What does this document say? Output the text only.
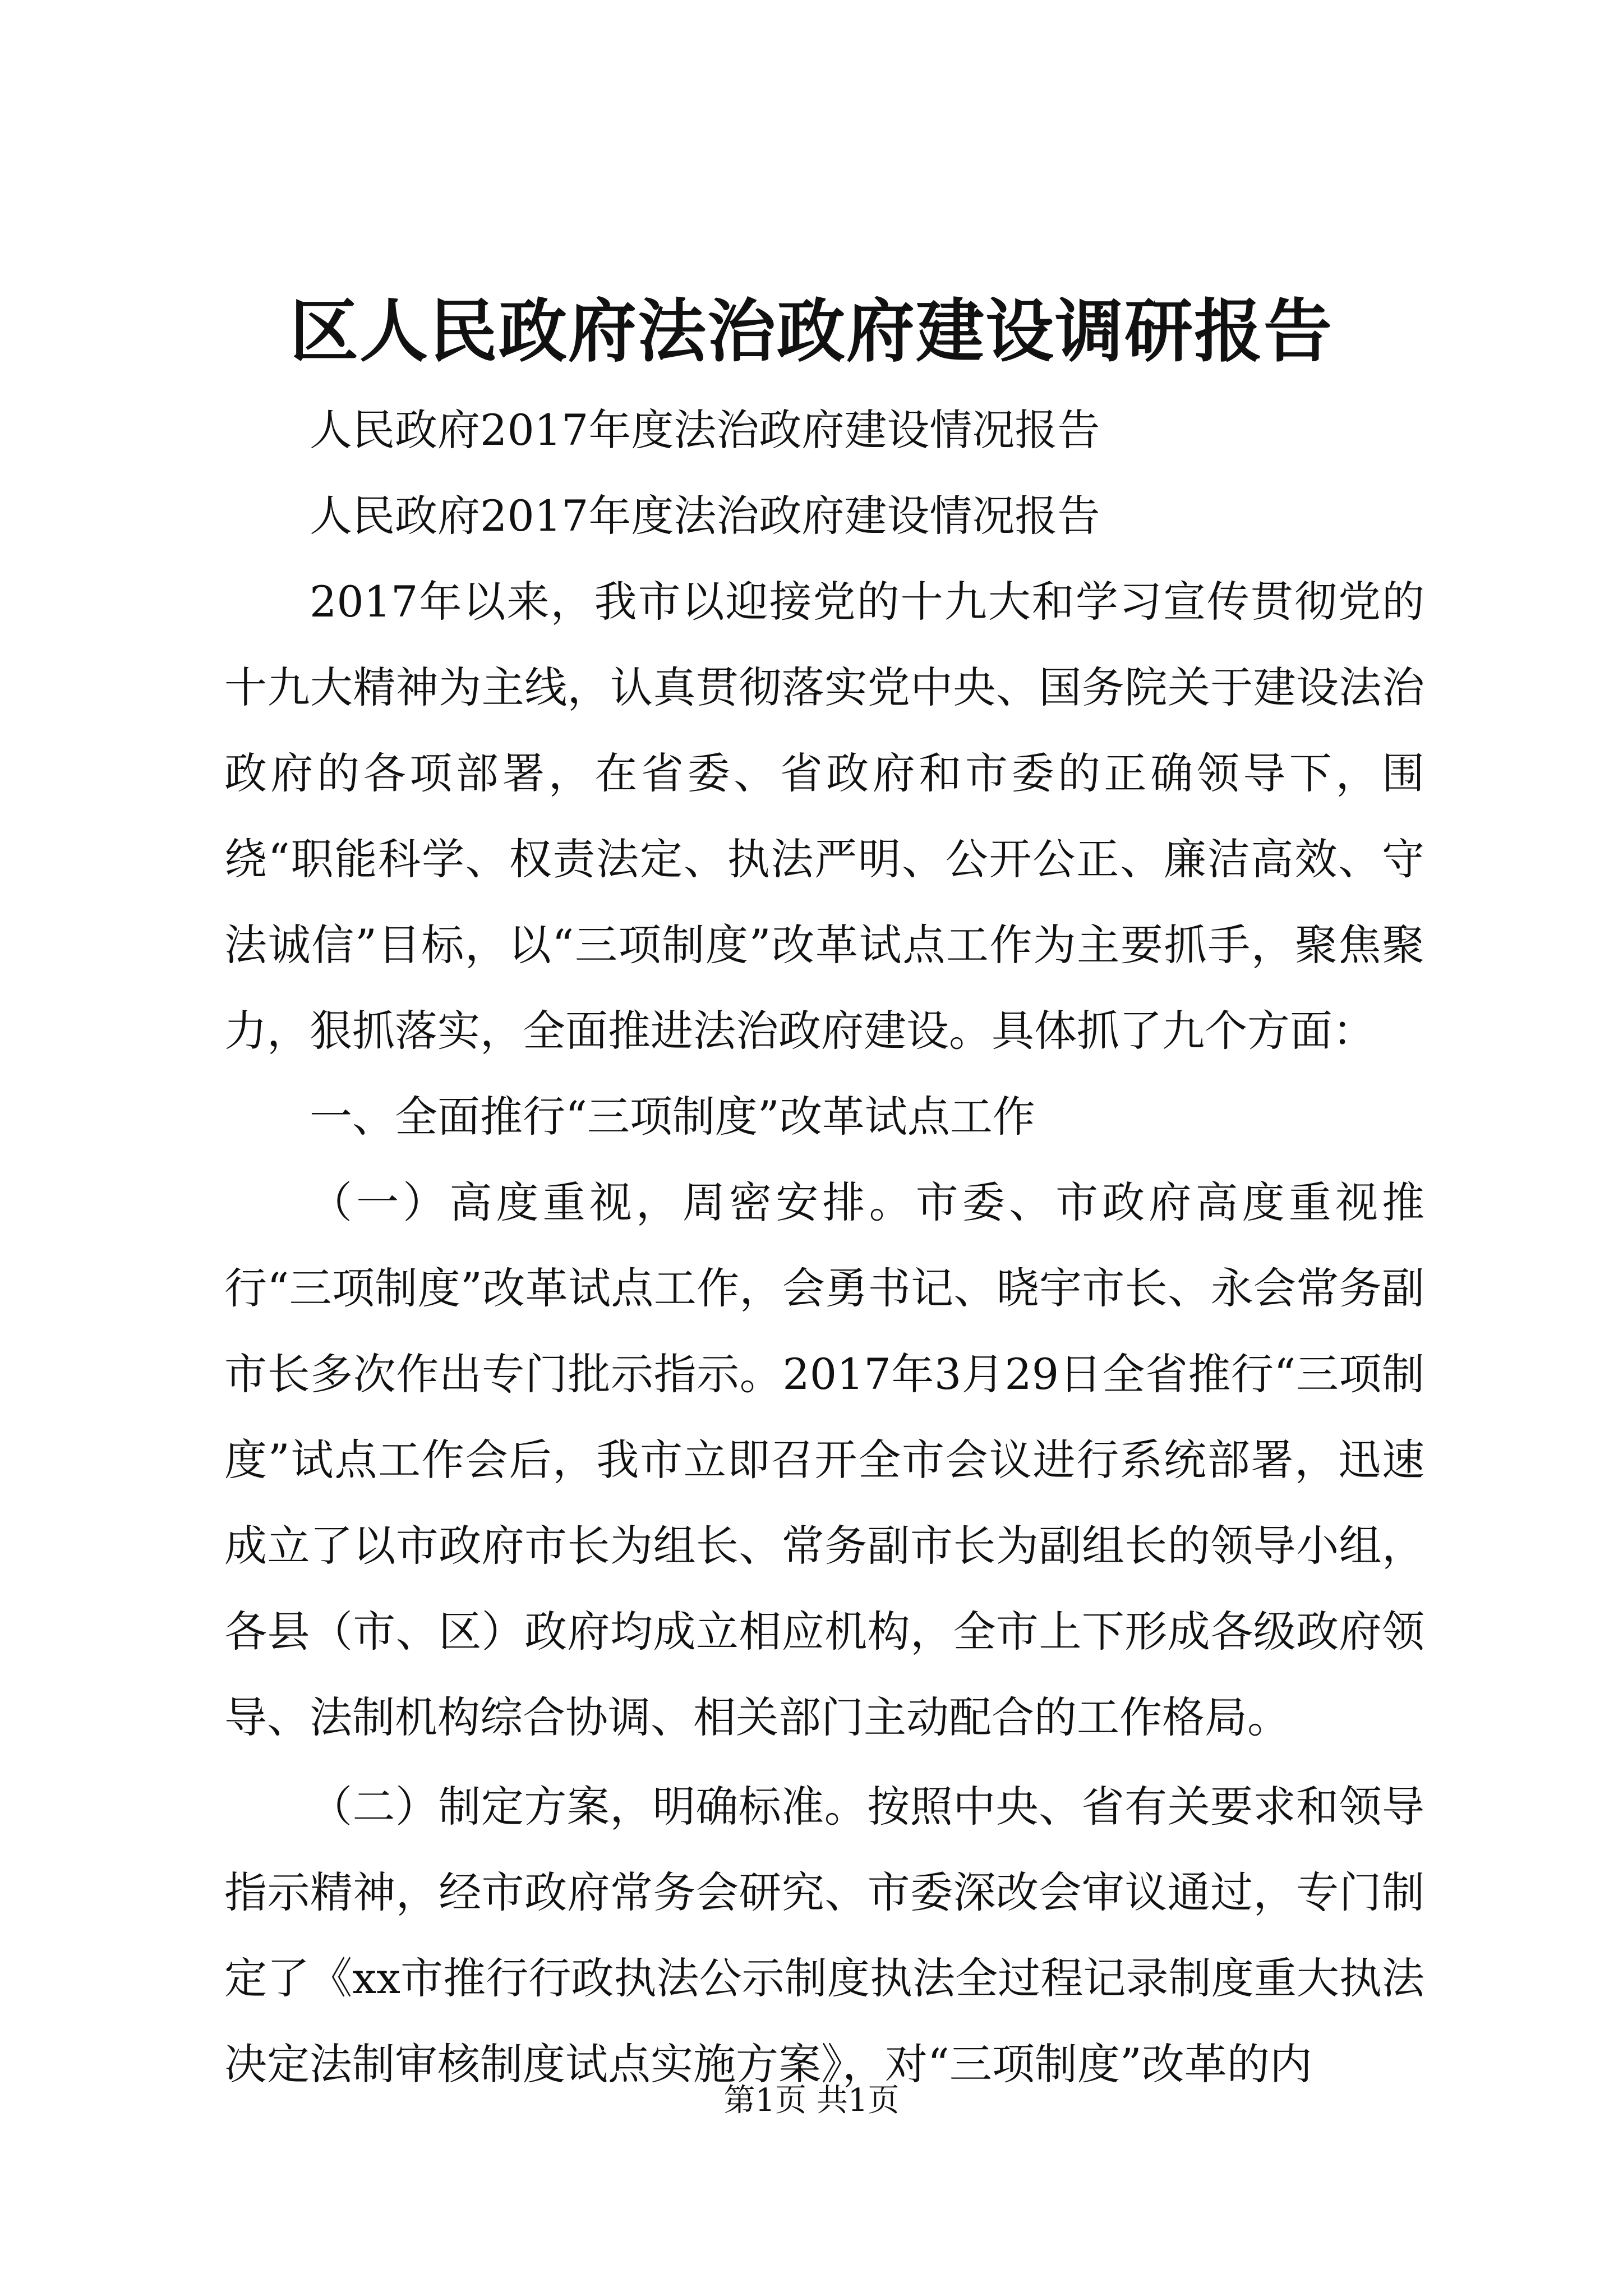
区人民政府法治政府建设调研报告

人民政府2017年度法治政府建设情况报告

人民政府2017年度法治政府建设情况报告

2017年以来，我市以迎接党的十九大和学习宣传贯彻党的十九大精神为主线，认真贯彻落实党中央、国务院关于建设法治政府的各项部署，在省委、省政府和市委的正确领导下，围绕“职能科学、权责法定、执法严明、公开公正、廉洁高效、守法诚信”目标，以“三项制度”改革试点工作为主要抓手，聚焦聚力，狠抓落实，全面推进法治政府建设。具体抓了九个方面：

一、全面推行“三项制度”改革试点工作

（一）高度重视，周密安排。市委、市政府高度重视推行“三项制度”改革试点工作，会勇书记、晓宇市长、永会常务副市长多次作出专门批示指示。2017年3月29日全省推行“三项制度”试点工作会后，我市立即召开全市会议进行系统部署，迅速成立了以市政府市长为组长、常务副市长为副组长的领导小组，各县（市、区）政府均成立相应机构，全市上下形成各级政府领导、法制机构综合协调、相关部门主动配合的工作格局。

（二）制定方案，明确标准。按照中央、省有关要求和领导指示精神，经市政府常务会研究、市委深改会审议通过，专门制定了《xx市推行行政执法公示制度执法全过程记录制度重大执法决定法制审核制度试点实施方案》，对“三项制度”改革的内

第1页 共1页
